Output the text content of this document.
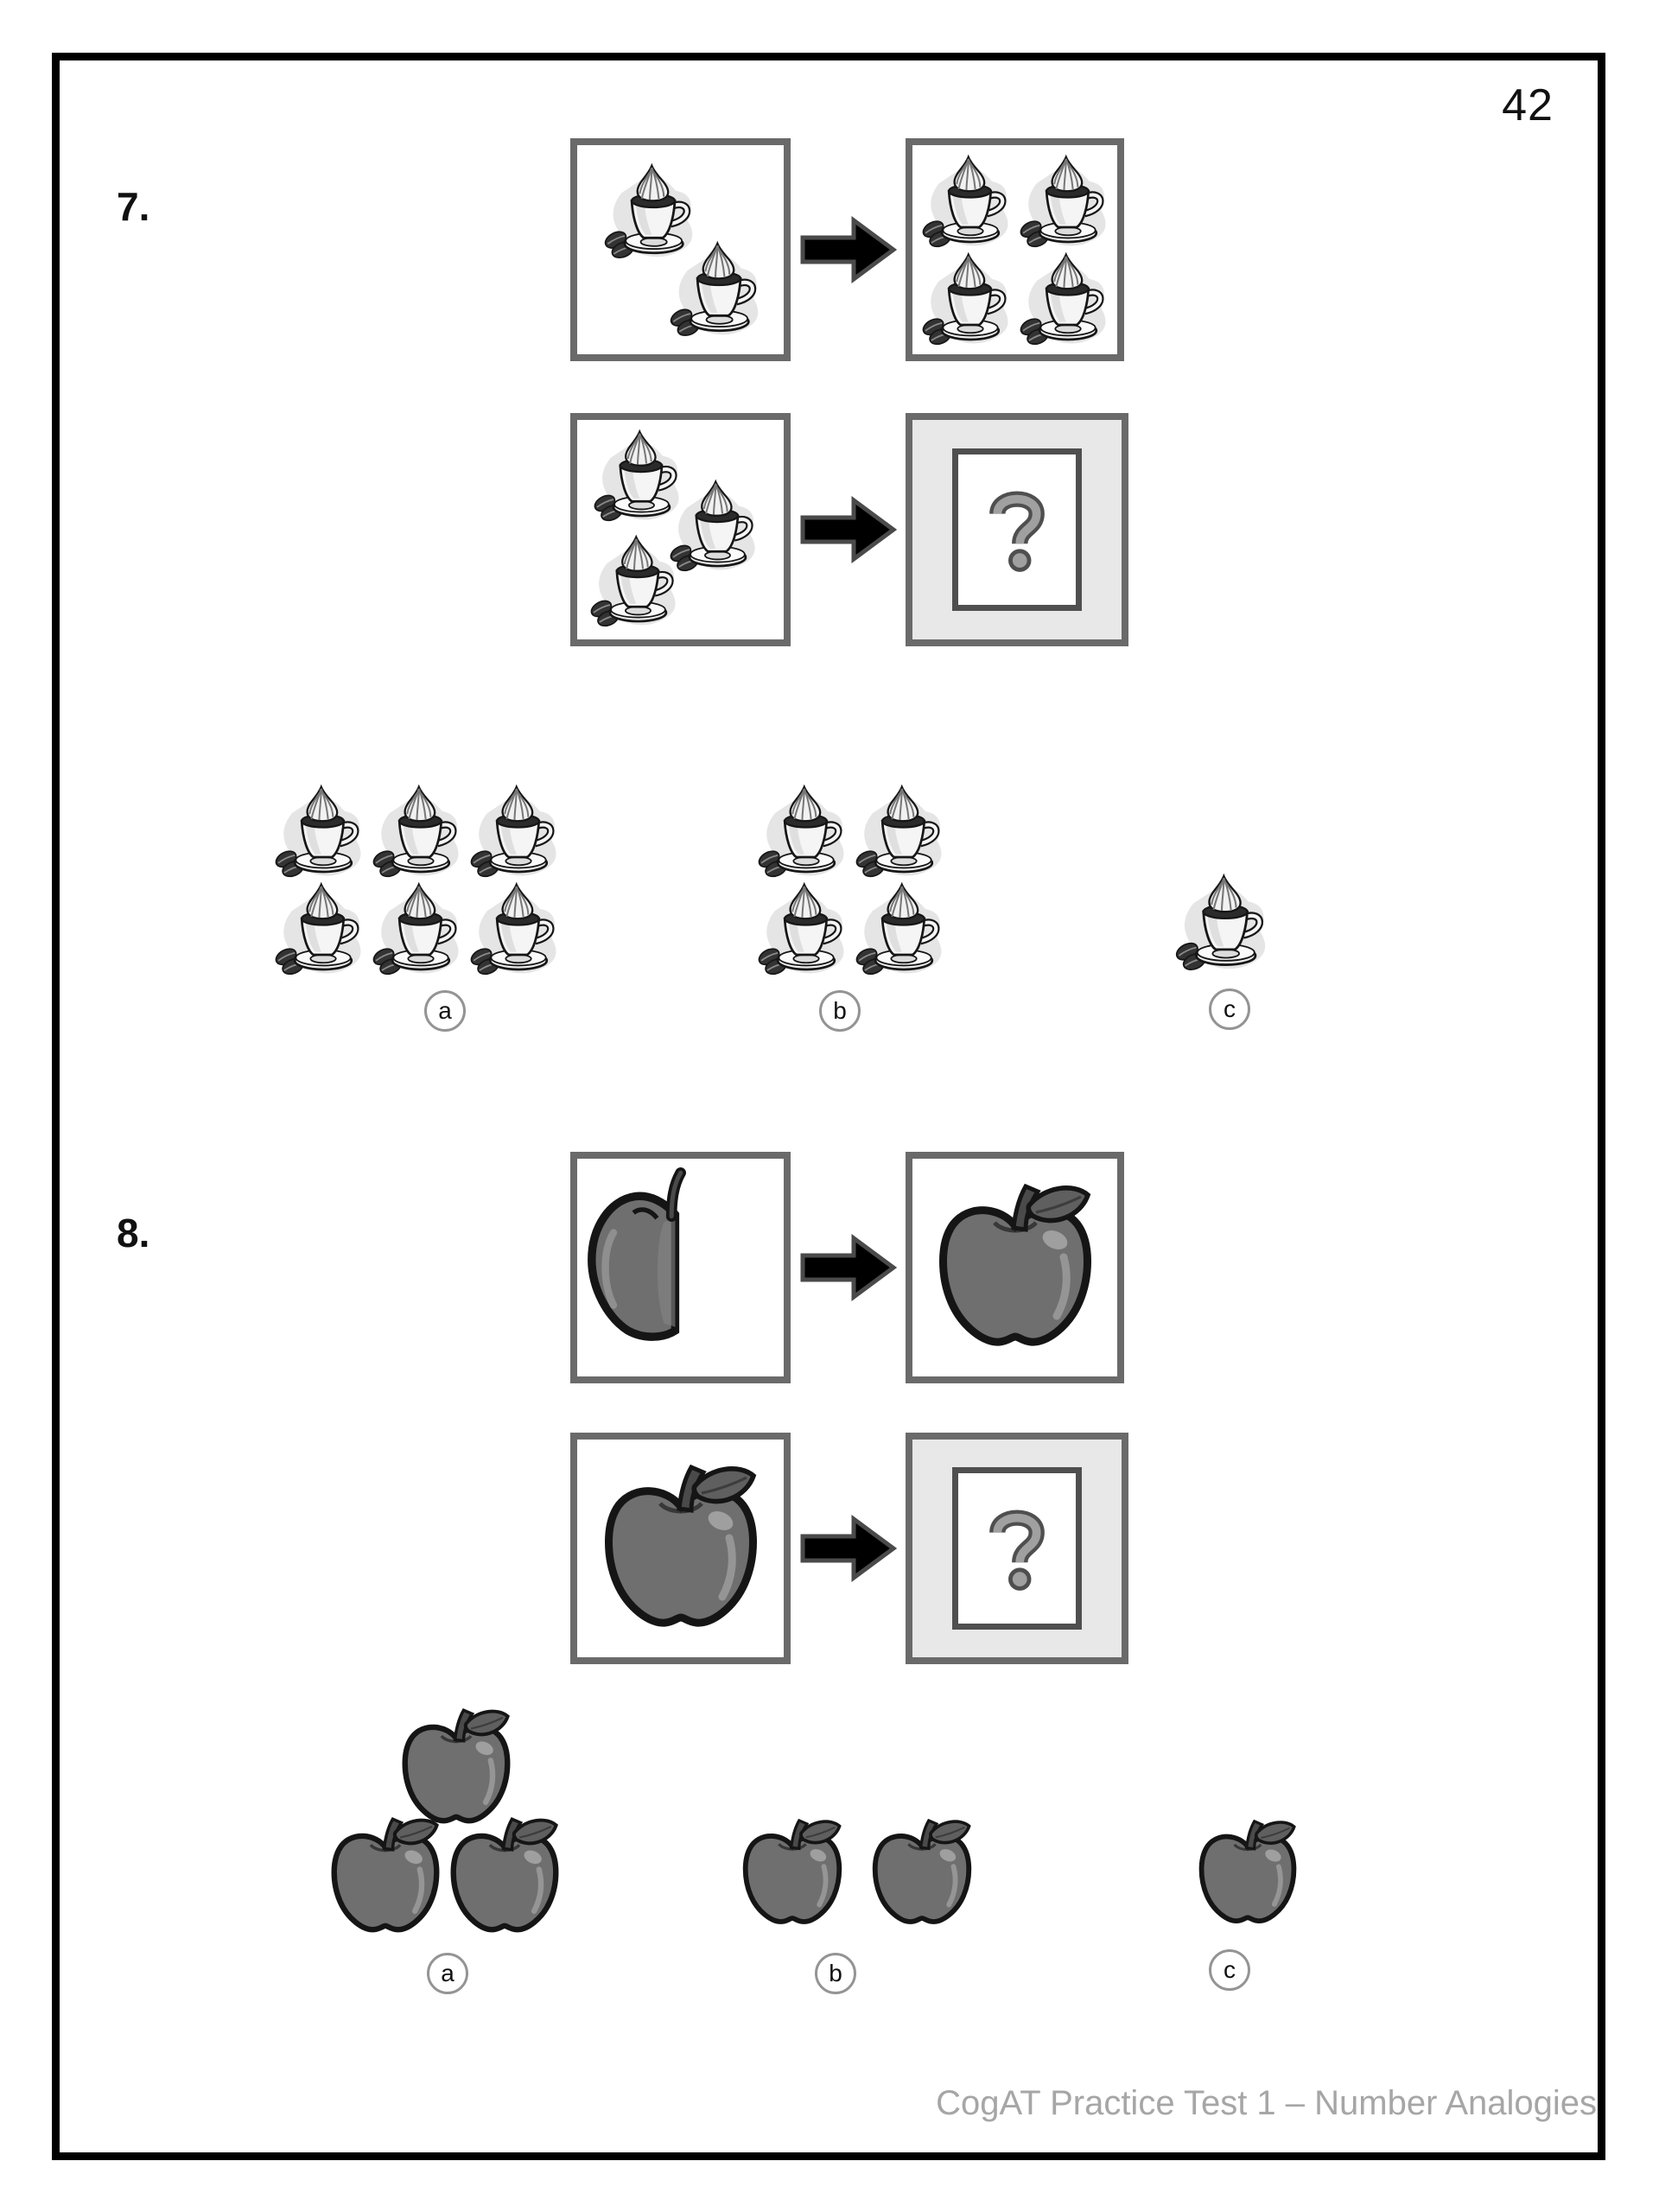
42
7.
a	b	c
8.
a	b	c
CogAT Practice Test 1 – Number Analogies
